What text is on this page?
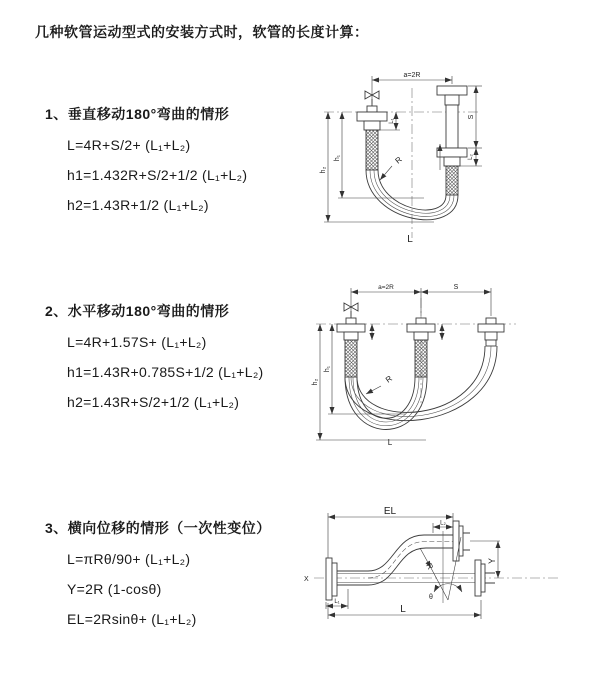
几种软管运动型式的安装方式时，软管的长度计算：
1、垂直移动180°弯曲的情形
L=4R+S/2+ (L₁+L₂)
h1=1.432R+S/2+1/2 (L₁+L₂)
h2=1.43R+1/2 (L₁+L₂)
a=2R
R
h₁
h₂
S
L₂
L₁
L
2、水平移动180°弯曲的情形
L=4R+1.57S+ (L₁+L₂)
h1=1.43R+0.785S+1/2 (L₁+L₂)
h2=1.43R+S/2+1/2 (L₁+L₂)
a=2R	S
R
h₁
h₂
L
3、横向位移的情形（一次性变位）
L=πRθ/90+ (L₁+L₂)
Y=2R (1-cosθ)
EL=2Rsinθ+ (L₁+L₂)
X
EL
L₂
Y
L
L₁
R
θ
